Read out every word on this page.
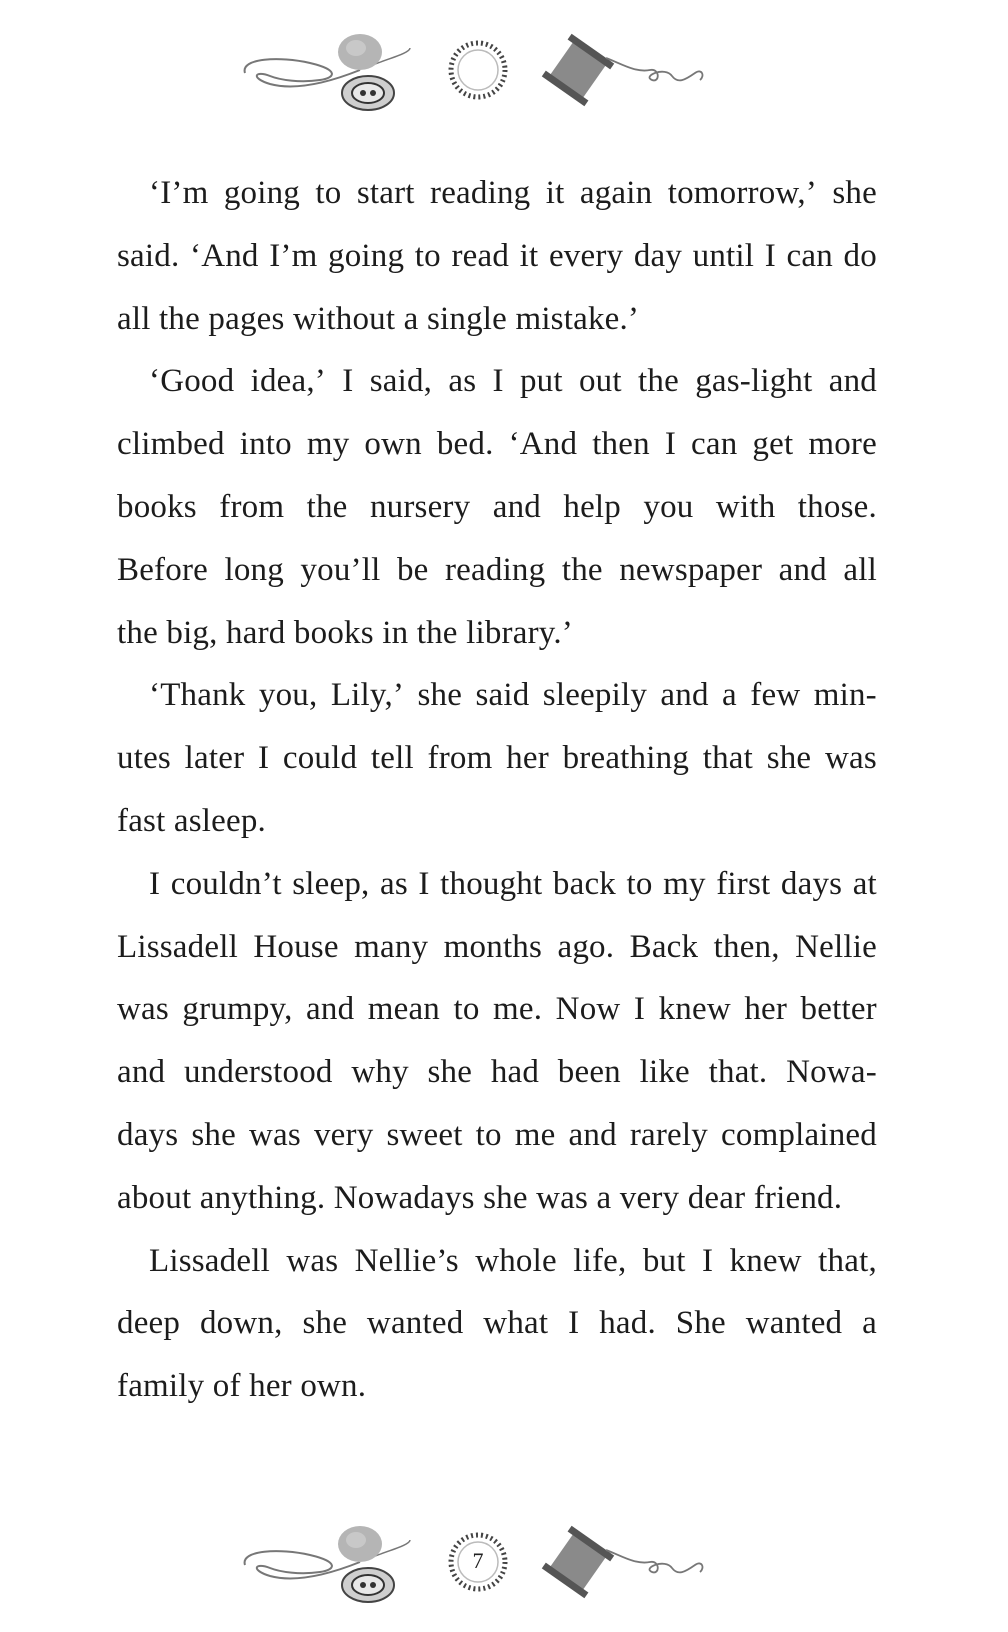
‘I’m going to start reading it again tomorrow,’ she
said. ‘And I’m going to read it every day until I can do
all the pages without a single mistake.’
‘Good idea,’ I said, as I put out the gas-light and
climbed into my own bed. ‘And then I can get more
books from the nursery and help you with those.
Before long you’ll be reading the newspaper and all
the big, hard books in the library.’
‘Thank you, Lily,’ she said sleepily and a few min-
utes later I could tell from her breathing that she was
fast asleep.
I couldn’t sleep, as I thought back to my first days at
Lissadell House many months ago. Back then, Nellie
was grumpy, and mean to me. Now I knew her better
and understood why she had been like that. Nowa-
days she was very sweet to me and rarely complained
about anything. Nowadays she was a very dear friend.
Lissadell was Nellie’s whole life, but I knew that,
deep down, she wanted what I had. She wanted a
family of her own.
7
